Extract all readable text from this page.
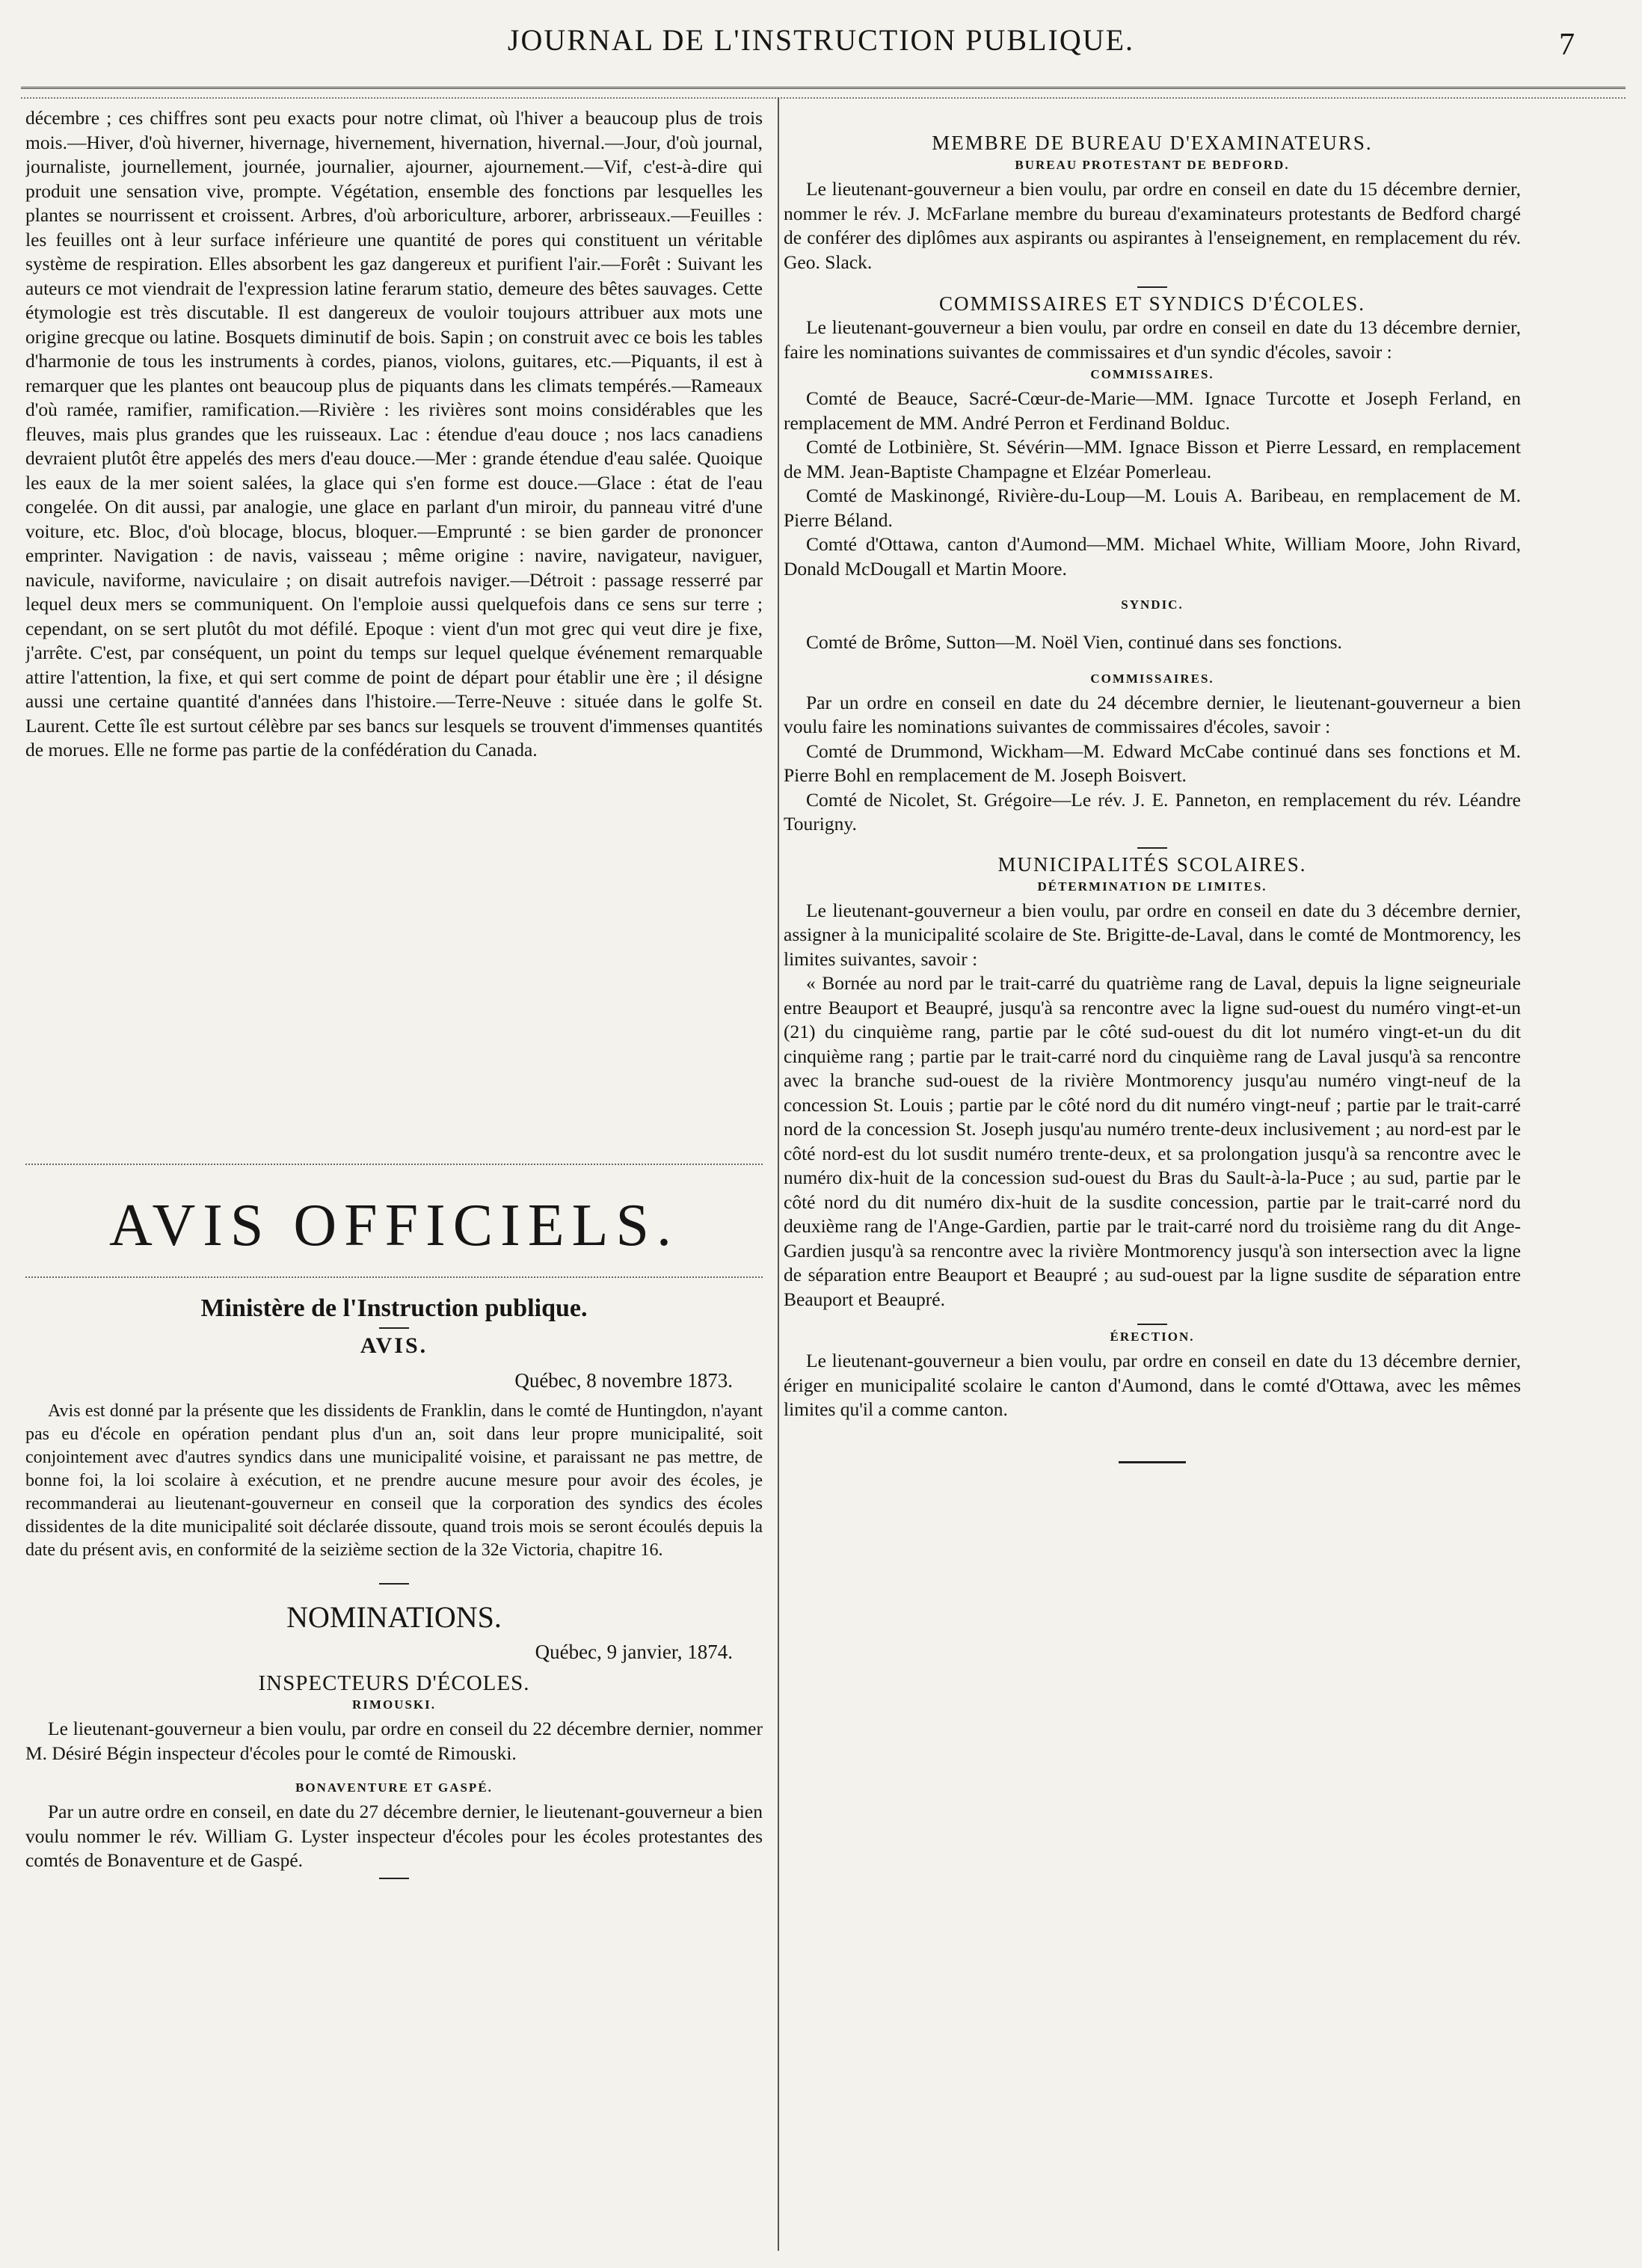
JOURNAL DE L'INSTRUCTION PUBLIQUE.	7

décembre ; ces chiffres sont peu exacts pour notre climat, où l'hiver a beaucoup plus de trois mois.—Hiver, d'où hiverner, hivernage, hivernement, hivernation, hivernal.—Jour, d'où journal, journaliste, journellement, journée, journalier, ajourner, ajournement.—Vif, c'est-à-dire qui produit une sensation vive, prompte. Végétation, ensemble des fonctions par lesquelles les plantes se nourrissent et croissent. Arbres, d'où arboriculture, arborer, arbrisseaux.—Feuilles : les feuilles ont à leur surface inférieure une quantité de pores qui constituent un véritable système de respiration. Elles absorbent les gaz dangereux et purifient l'air.—Forêt : Suivant les auteurs ce mot viendrait de l'expression latine ferarum statio, demeure des bêtes sauvages. Cette étymologie est très discutable. Il est dangereux de vouloir toujours attribuer aux mots une origine grecque ou latine. Bosquets diminutif de bois. Sapin ; on construit avec ce bois les tables d'harmonie de tous les instruments à cordes, pianos, violons, guitares, etc.—Piquants, il est à remarquer que les plantes ont beaucoup plus de piquants dans les climats tempérés.—Rameaux d'où ramée, ramifier, ramification.—Rivière : les rivières sont moins considérables que les fleuves, mais plus grandes que les ruisseaux. Lac : étendue d'eau douce ; nos lacs canadiens devraient plutôt être appelés des mers d'eau douce.—Mer : grande étendue d'eau salée. Quoique les eaux de la mer soient salées, la glace qui s'en forme est douce.—Glace : état de l'eau congelée. On dit aussi, par analogie, une glace en parlant d'un miroir, du panneau vitré d'une voiture, etc. Bloc, d'où blocage, blocus, bloquer.—Emprunté : se bien garder de prononcer emprinter. Navigation : de navis, vaisseau ; même origine : navire, navigateur, naviguer, navicule, naviforme, naviculaire ; on disait autrefois naviger.—Détroit : passage resserré par lequel deux mers se communiquent. On l'emploie aussi quelquefois dans ce sens sur terre ; cependant, on se sert plutôt du mot défilé. Epoque : vient d'un mot grec qui veut dire je fixe, j'arrête. C'est, par conséquent, un point du temps sur lequel quelque événement remarquable attire l'attention, la fixe, et qui sert comme de point de départ pour établir une ère ; il désigne aussi une certaine quantité d'années dans l'histoire.—Terre-Neuve : située dans le golfe St. Laurent. Cette île est surtout célèbre par ses bancs sur lesquels se trouvent d'immenses quantités de morues. Elle ne forme pas partie de la confédération du Canada.

AVIS OFFICIELS.
Ministère de l'Instruction publique.
AVIS.
Québec, 8 novembre 1873.

Avis est donné par la présente que les dissidents de Franklin, dans le comté de Huntingdon, n'ayant pas eu d'école en opération pendant plus d'un an, soit dans leur propre municipalité, soit conjointement avec d'autres syndics dans une municipalité voisine, et paraissant ne pas mettre, de bonne foi, la loi scolaire à exécution, et ne prendre aucune mesure pour avoir des écoles, je recommanderai au lieutenant-gouverneur en conseil que la corporation des syndics des écoles dissidentes de la dite municipalité soit déclarée dissoute, quand trois mois se seront écoulés depuis la date du présent avis, en conformité de la seizième section de la 32e Victoria, chapitre 16.

NOMINATIONS.
Québec, 9 janvier, 1874.
INSPECTEURS D'ÉCOLES.
RIMOUSKI.

Le lieutenant-gouverneur a bien voulu, par ordre en conseil du 22 décembre dernier, nommer M. Désiré Bégin inspecteur d'écoles pour le comté de Rimouski.

BONAVENTURE ET GASPÉ.

Par un autre ordre en conseil, en date du 27 décembre dernier, le lieutenant-gouverneur a bien voulu nommer le rév. William G. Lyster inspecteur d'écoles pour les écoles protestantes des comtés de Bonaventure et de Gaspé.

MEMBRE DE BUREAU D'EXAMINATEURS.
BUREAU PROTESTANT DE BEDFORD.

Le lieutenant-gouverneur a bien voulu, par ordre en conseil en date du 15 décembre dernier, nommer le rév. J. McFarlane membre du bureau d'examinateurs protestants de Bedford chargé de conférer des diplômes aux aspirants ou aspirantes à l'enseignement, en remplacement du rév. Geo. Slack.

COMMISSAIRES ET SYNDICS D'ÉCOLES.

Le lieutenant-gouverneur a bien voulu, par ordre en conseil en date du 13 décembre dernier, faire les nominations suivantes de commissaires et d'un syndic d'écoles, savoir :

COMMISSAIRES.

Comté de Beauce, Sacré-Cœur-de-Marie—MM. Ignace Turcotte et Joseph Ferland, en remplacement de MM. André Perron et Ferdinand Bolduc.

Comté de Lotbinière, St. Sévérin—MM. Ignace Bisson et Pierre Lessard, en remplacement de MM. Jean-Baptiste Champagne et Elzéar Pomerleau.

Comté de Maskinongé, Rivière-du-Loup—M. Louis A. Baribeau, en remplacement de M. Pierre Béland.

Comté d'Ottawa, canton d'Aumond—MM. Michael White, William Moore, John Rivard, Donald McDougall et Martin Moore.

SYNDIC.

Comté de Brôme, Sutton—M. Noël Vien, continué dans ses fonctions.

COMMISSAIRES.

Par un ordre en conseil en date du 24 décembre dernier, le lieutenant-gouverneur a bien voulu faire les nominations suivantes de commissaires d'écoles, savoir :

Comté de Drummond, Wickham—M. Edward McCabe continué dans ses fonctions et M. Pierre Bohl en remplacement de M. Joseph Boisvert.

Comté de Nicolet, St. Grégoire—Le rév. J. E. Panneton, en remplacement du rév. Léandre Tourigny.

MUNICIPALITÉS SCOLAIRES.
DÉTERMINATION DE LIMITES.

Le lieutenant-gouverneur a bien voulu, par ordre en conseil en date du 3 décembre dernier, assigner à la municipalité scolaire de Ste. Brigitte-de-Laval, dans le comté de Montmorency, les limites suivantes, savoir :

« Bornée au nord par le trait-carré du quatrième rang de Laval, depuis la ligne seigneuriale entre Beauport et Beaupré, jusqu'à sa rencontre avec la ligne sud-ouest du numéro vingt-et-un (21) du cinquième rang, partie par le côté sud-ouest du dit lot numéro vingt-et-un du dit cinquième rang ; partie par le trait-carré nord du cinquième rang de Laval jusqu'à sa rencontre avec la branche sud-ouest de la rivière Montmorency jusqu'au numéro vingt-neuf de la concession St. Louis ; partie par le côté nord du dit numéro vingt-neuf ; partie par le trait-carré nord de la concession St. Joseph jusqu'au numéro trente-deux inclusivement ; au nord-est par le côté nord-est du lot susdit numéro trente-deux, et sa prolongation jusqu'à sa rencontre avec le numéro dix-huit de la concession sud-ouest du Bras du Sault-à-la-Puce ; au sud, partie par le côté nord du dit numéro dix-huit de la susdite concession, partie par le trait-carré nord du deuxième rang de l'Ange-Gardien, partie par le trait-carré nord du troisième rang du dit Ange-Gardien jusqu'à sa rencontre avec la rivière Montmorency jusqu'à son intersection avec la ligne de séparation entre Beauport et Beaupré ; au sud-ouest par la ligne susdite de séparation entre Beauport et Beaupré.

ÉRECTION.

Le lieutenant-gouverneur a bien voulu, par ordre en conseil en date du 13 décembre dernier, ériger en municipalité scolaire le canton d'Aumond, dans le comté d'Ottawa, avec les mêmes limites qu'il a comme canton.
